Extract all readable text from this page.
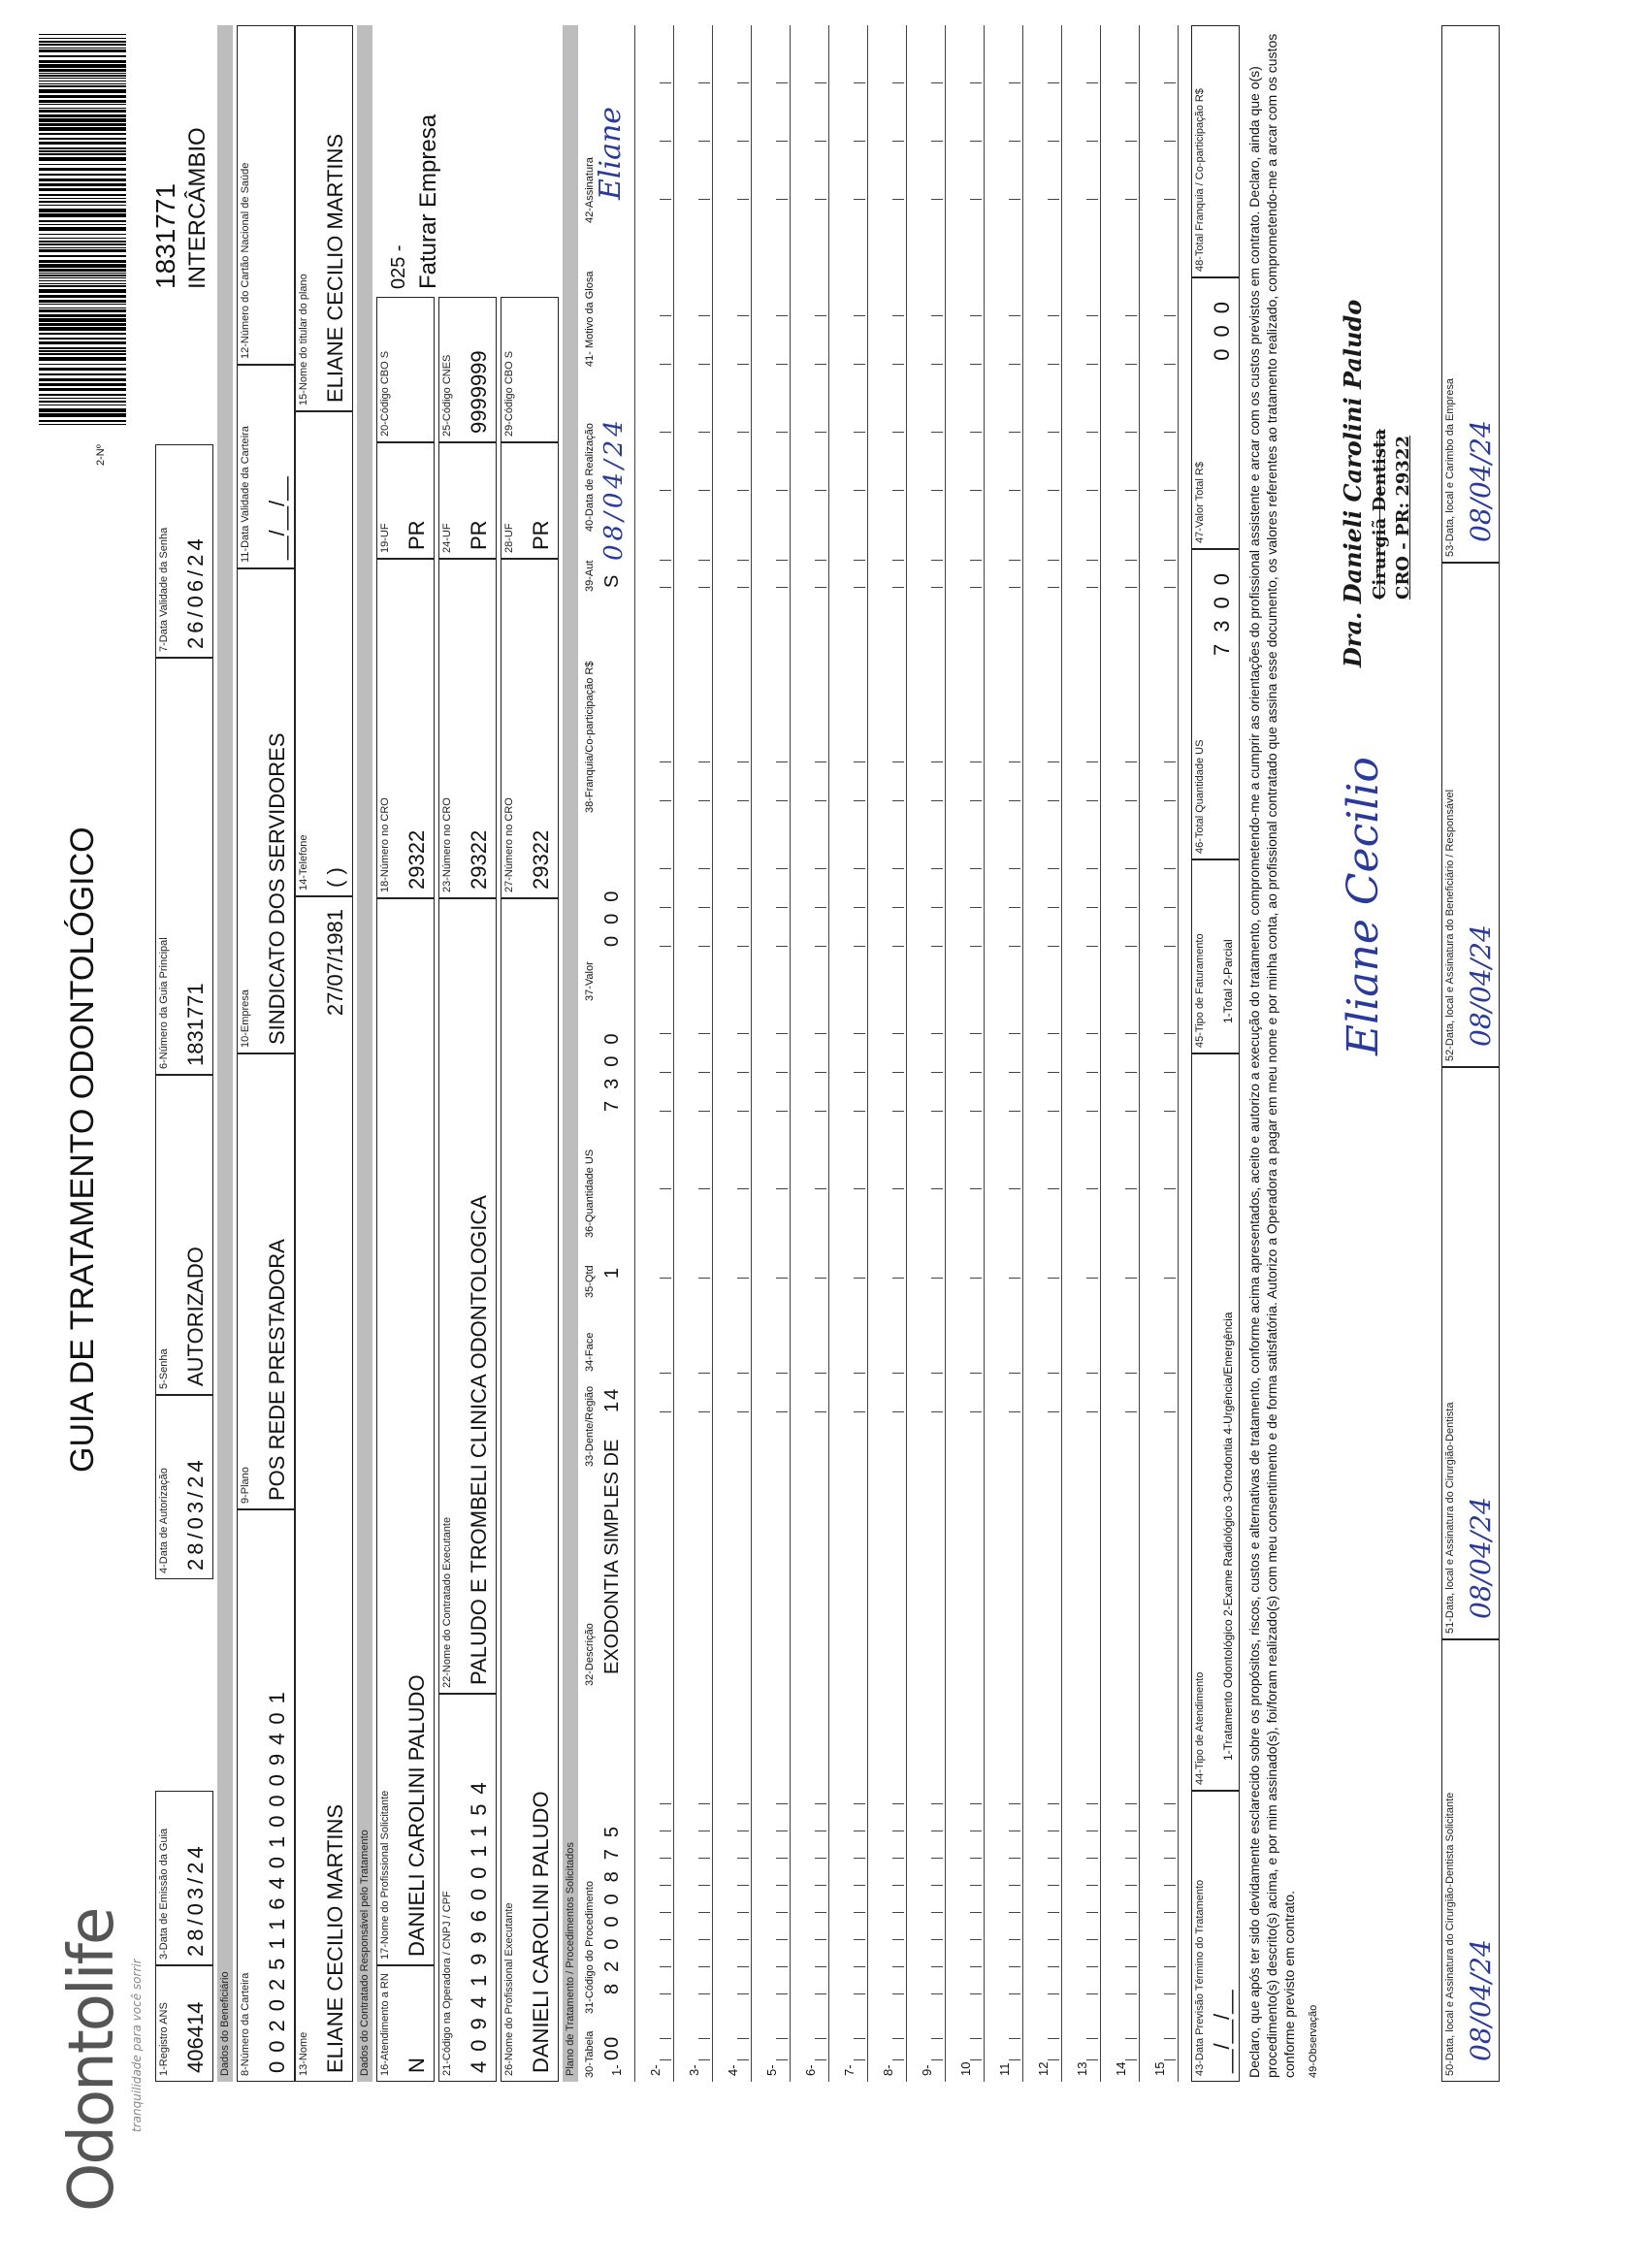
Odontolife tranquilidade para você sorrir
GUIA DE TRATAMENTO ODONTOLÓGICO
2-Nº
1831771 INTERCÂMBIO
1-Registro ANS 406414
3-Data de Emissão da Guia 28/03/24
4-Data de Autorização 28/03/24
5-Senha AUTORIZADO
6-Número da Guia Principal 1831771
7-Data Validade da Senha 26/06/24
Dados do Beneficiário 8-Número da Carteira 0020251164010009401
9-Plano POS REDE PRESTADORA
10-Empresa SINDICATO DOS SERVIDORES
11-Data Validade da Carteira __/__/__
12-Número do Cartão Nacional de Saúde
13-Nome ELIANE CECILIO MARTINS
27/07/1981
14-Telefone ( )
15-Nome do titular do plano ELIANE CECILIO MARTINS
Dados do Contratado Responsável pelo Tratamento 16-Atendimento a RN N
17-Nome do Profissional Solicitante DANIELI CAROLINI PALUDO
18-Número no CRO 29322
19-UF PR
20-Código CBO S
025 - Faturar Empresa
21-Código na Operadora / CNPJ / CPF 40941996001154
22-Nome do Contratado Executante PALUDO E TROMBELI CLINICA ODONTOLOGICA
23-Número no CRO 29322
24-UF PR
25-Código CNES 9999999
26-Nome do Profissional Executante DANIELI CAROLINI PALUDO
27-Número no CRO 29322
28-UF PR
29-Código CBO S
Plano de Tratamento / Procedimentos Solicitados 30-Tabela
31-Código do Procedimento
32-Descrição
33-Dente/Região
34-Face
35-Qtd
36-Quantidade US
37-Valor
38-Franquia/Co-participação R$
39-Aut
40-Data de Realização
41- Motivo da Glosa
42-Assinatura
1-
00
82000875
EXODONTIA SIMPLES DE
14
1
7300
000
S
08/04/24
Eliane
2- 3- 4- 5- 6- 7- 8- 9- 10 11 12 13 14 15	43-Data Previsão Término do Tratamento __/__/__
44-Tipo de Atendimento 1-Tratamento Odontológico 2-Exame Radiológico 3-Ortodontia 4-Urgência/Emergência
45-Tipo de Faturamento 1-Total 2-Parcial
46-Total Quantidade US
7300
47-Valor Total R$
000
48-Total Franquia / Co-participação R$	Declaro, que após ter sido devidamente esclarecido sobre os propósitos, riscos, custos e alternativas de tratamento, conforme acima apresentados, aceito e autorizo a execução do tratamento, comprometendo-me a cumprir as orientações do profissional assistente e arcar com os custos previstos em contrato. Declaro, ainda que o(s) procedimento(s) descrito(s) acima, e por mim assinado(s), foi/foram realizado(s) com meu consentimento e de forma satisfatória. Autorizo a Operadora a pagar em meu nome e por minha conta, ao profissional contratado que assina esse documento, os valores referentes ao tratamento realizado, comprometendo-me a arcar com os custos conforme previsto em contrato. 49-Observação
Dra. Danieli Carolini Paludo Cirurgiã Dentista CRO - PR: 29322
Eliane Cecilio
50-Data, local e Assinatura do Cirurgião-Dentista Solicitante 08/04/24
51-Data, local e Assinatura do Cirurgião-Dentista 08/04/24
52-Data, local e Assinatura do Beneficiário / Responsável 08/04/24
53-Data, local e Carimbo da Empresa 08/04/24
